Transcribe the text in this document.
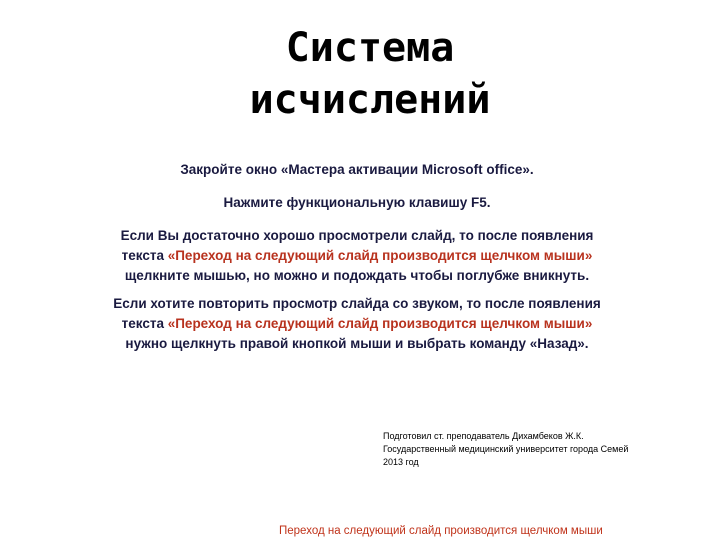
Система
исчислений
Закройте окно «Мастера активации Microsoft office».
Нажмите функциональную клавишу F5.
Если Вы достаточно хорошо просмотрели слайд, то после появления
текста «Переход на следующий слайд производится щелчком мыши»
щелкните мышью, но можно и подождать чтобы поглубже вникнуть.
Если хотите повторить просмотр слайда со звуком, то после появления
текста «Переход на следующий слайд производится щелчком мыши»
нужно щелкнуть правой кнопкой мыши и выбрать команду «Назад».
Подготовил ст. преподаватель Дихамбеков Ж.К.
Государственный медицинский университет города Семей
2013 год
Переход на следующий слайд производится щелчком мыши
